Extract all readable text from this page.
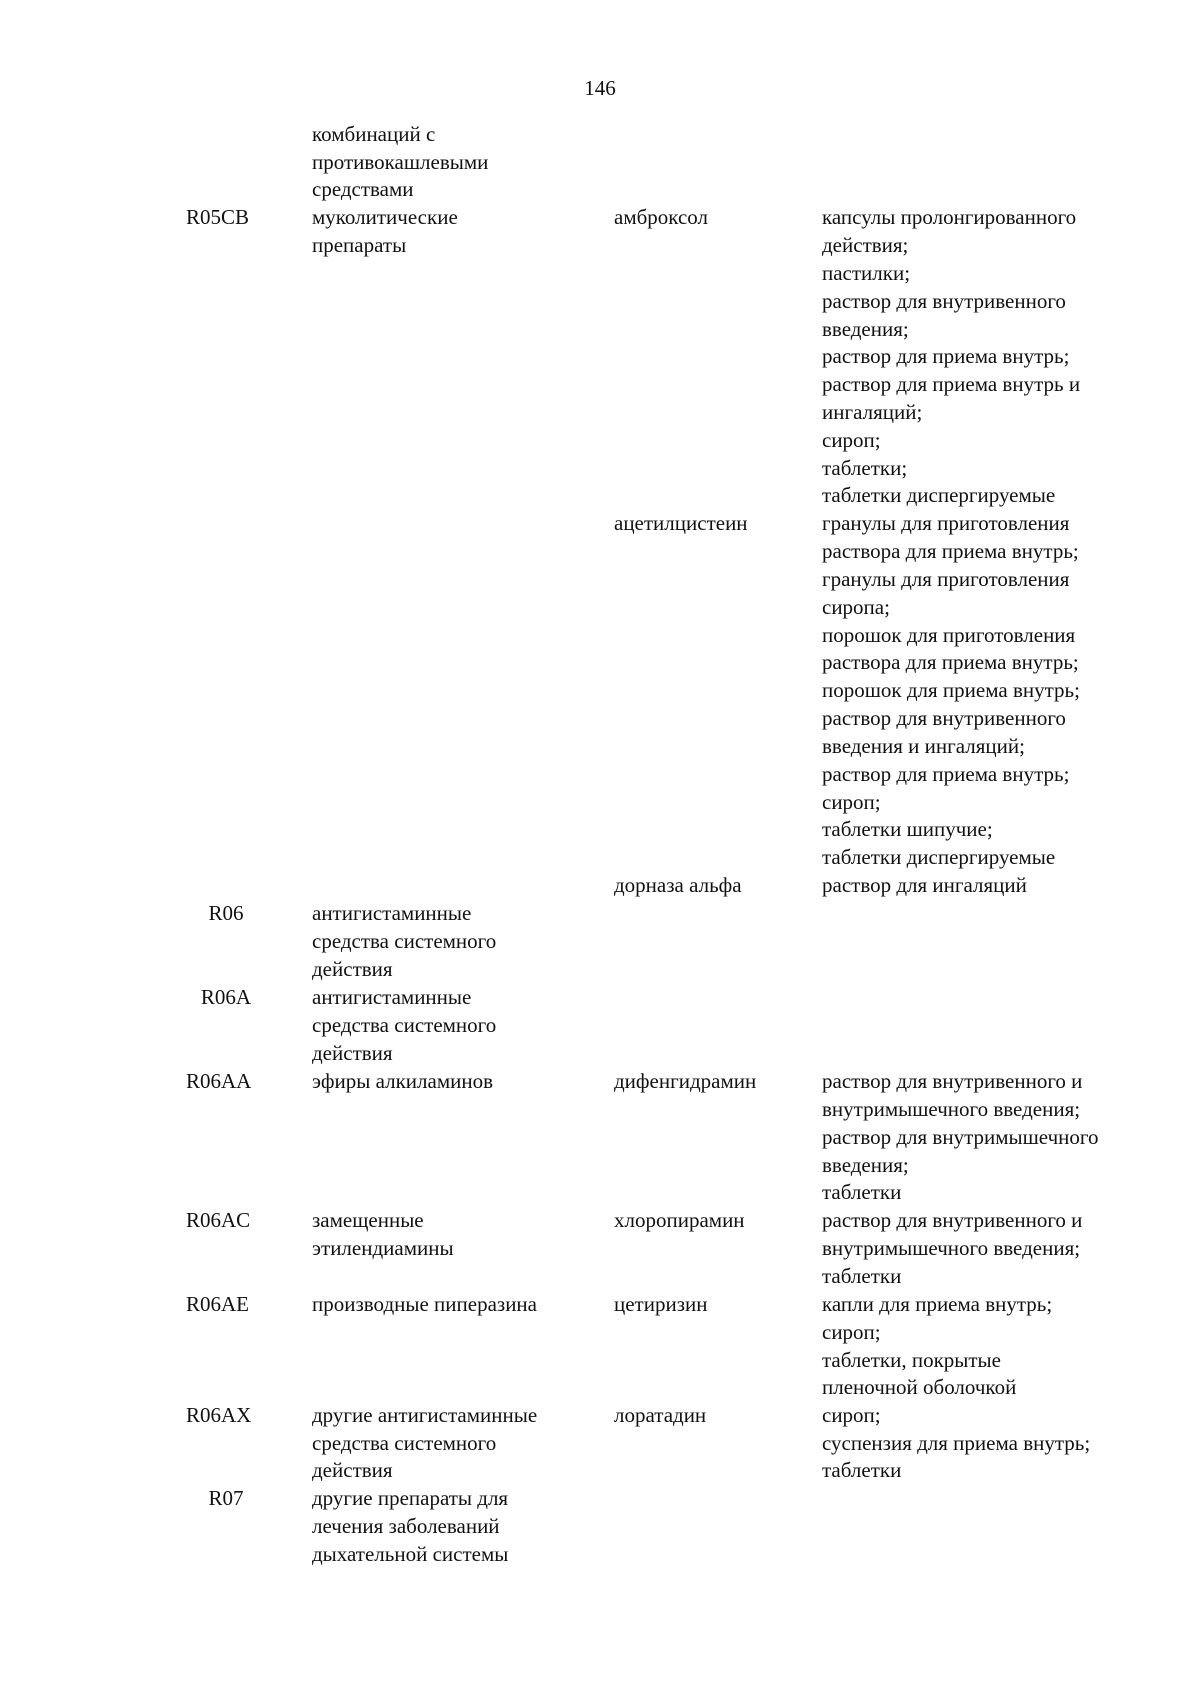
146
R05CB
R06
R06A
R06AA
R06AC
R06AE
R06AX
R07
комбинаций с
противокашлевыми
средствами
муколитические
препараты
антигистаминные
средства системного
действия
антигистаминные
средства системного
действия
эфиры алкиламинов
замещенные
этилендиамины
производные пиперазина
другие антигистаминные
средства системного
действия
другие препараты для
лечения заболеваний
дыхательной системы
амброксол
ацетилцистеин
дорназа альфа
дифенгидрамин
хлоропирамин
цетиризин
лоратадин
капсулы пролонгированного
действия;
пастилки;
раствор для внутривенного
введения;
раствор для приема внутрь;
раствор для приема внутрь и
ингаляций;
сироп;
таблетки;
таблетки диспергируемые
гранулы для приготовления
раствора для приема внутрь;
гранулы для приготовления
сиропа;
порошок для приготовления
раствора для приема внутрь;
порошок для приема внутрь;
раствор для внутривенного
введения и ингаляций;
раствор для приема внутрь;
сироп;
таблетки шипучие;
таблетки диспергируемые
раствор для ингаляций
раствор для внутривенного и
внутримышечного введения;
раствор для внутримышечного
введения;
таблетки
раствор для внутривенного и
внутримышечного введения;
таблетки
капли для приема внутрь;
сироп;
таблетки, покрытые
пленочной оболочкой
сироп;
суспензия для приема внутрь;
таблетки
